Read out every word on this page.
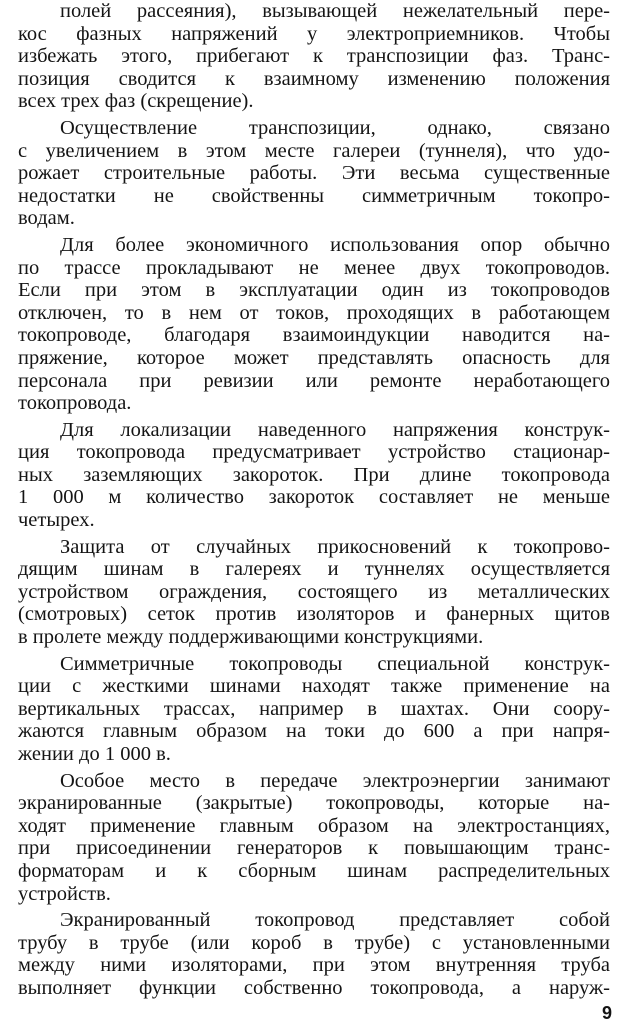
полей рассеяния), вызывающей нежелательный пере-
кос фазных напряжений у электроприемников. Чтобы
избежать этого, прибегают к транспозиции фаз. Транс-
позиция сводится к взаимному изменению положения
всех трех фаз (скрещение).
Осуществление транспозиции, однако, связано
с увеличением в этом месте галереи (туннеля), что удо-
рожает строительные работы. Эти весьма существенные
недостатки не свойственны симметричным токопро-
водам.
Для более экономичного использования опор обычно
по трассе прокладывают не менее двух токопроводов.
Если при этом в эксплуатации один из токопроводов
отключен, то в нем от токов, проходящих в работающем
токопроводе, благодаря взаимоиндукции наводится на-
пряжение, которое может представлять опасность для
персонала при ревизии или ремонте неработающего
токопровода.
Для локализации наведенного напряжения конструк-
ция токопровода предусматривает устройство стационар-
ных заземляющих закороток. При длине токопровода
1 000 м количество закороток составляет не меньше
четырех.
Защита от случайных прикосновений к токопрово-
дящим шинам в галереях и туннелях осуществляется
устройством ограждения, состоящего из металлических
(смотровых) сеток против изоляторов и фанерных щитов
в пролете между поддерживающими конструкциями.
Симметричные токопроводы специальной конструк-
ции с жесткими шинами находят также применение на
вертикальных трассах, например в шахтах. Они соору-
жаются главным образом на токи до 600 а при напря-
жении до 1 000 в.
Особое место в передаче электроэнергии занимают
экранированные (закрытые) токопроводы, которые на-
ходят применение главным образом на электростанциях,
при присоединении генераторов к повышающим транс-
форматорам и к сборным шинам распределительных
устройств.
Экранированный токопровод представляет собой
трубу в трубе (или короб в трубе) с установленными
между ними изоляторами, при этом внутренняя труба
выполняет функции собственно токопровода, а наруж-
9
